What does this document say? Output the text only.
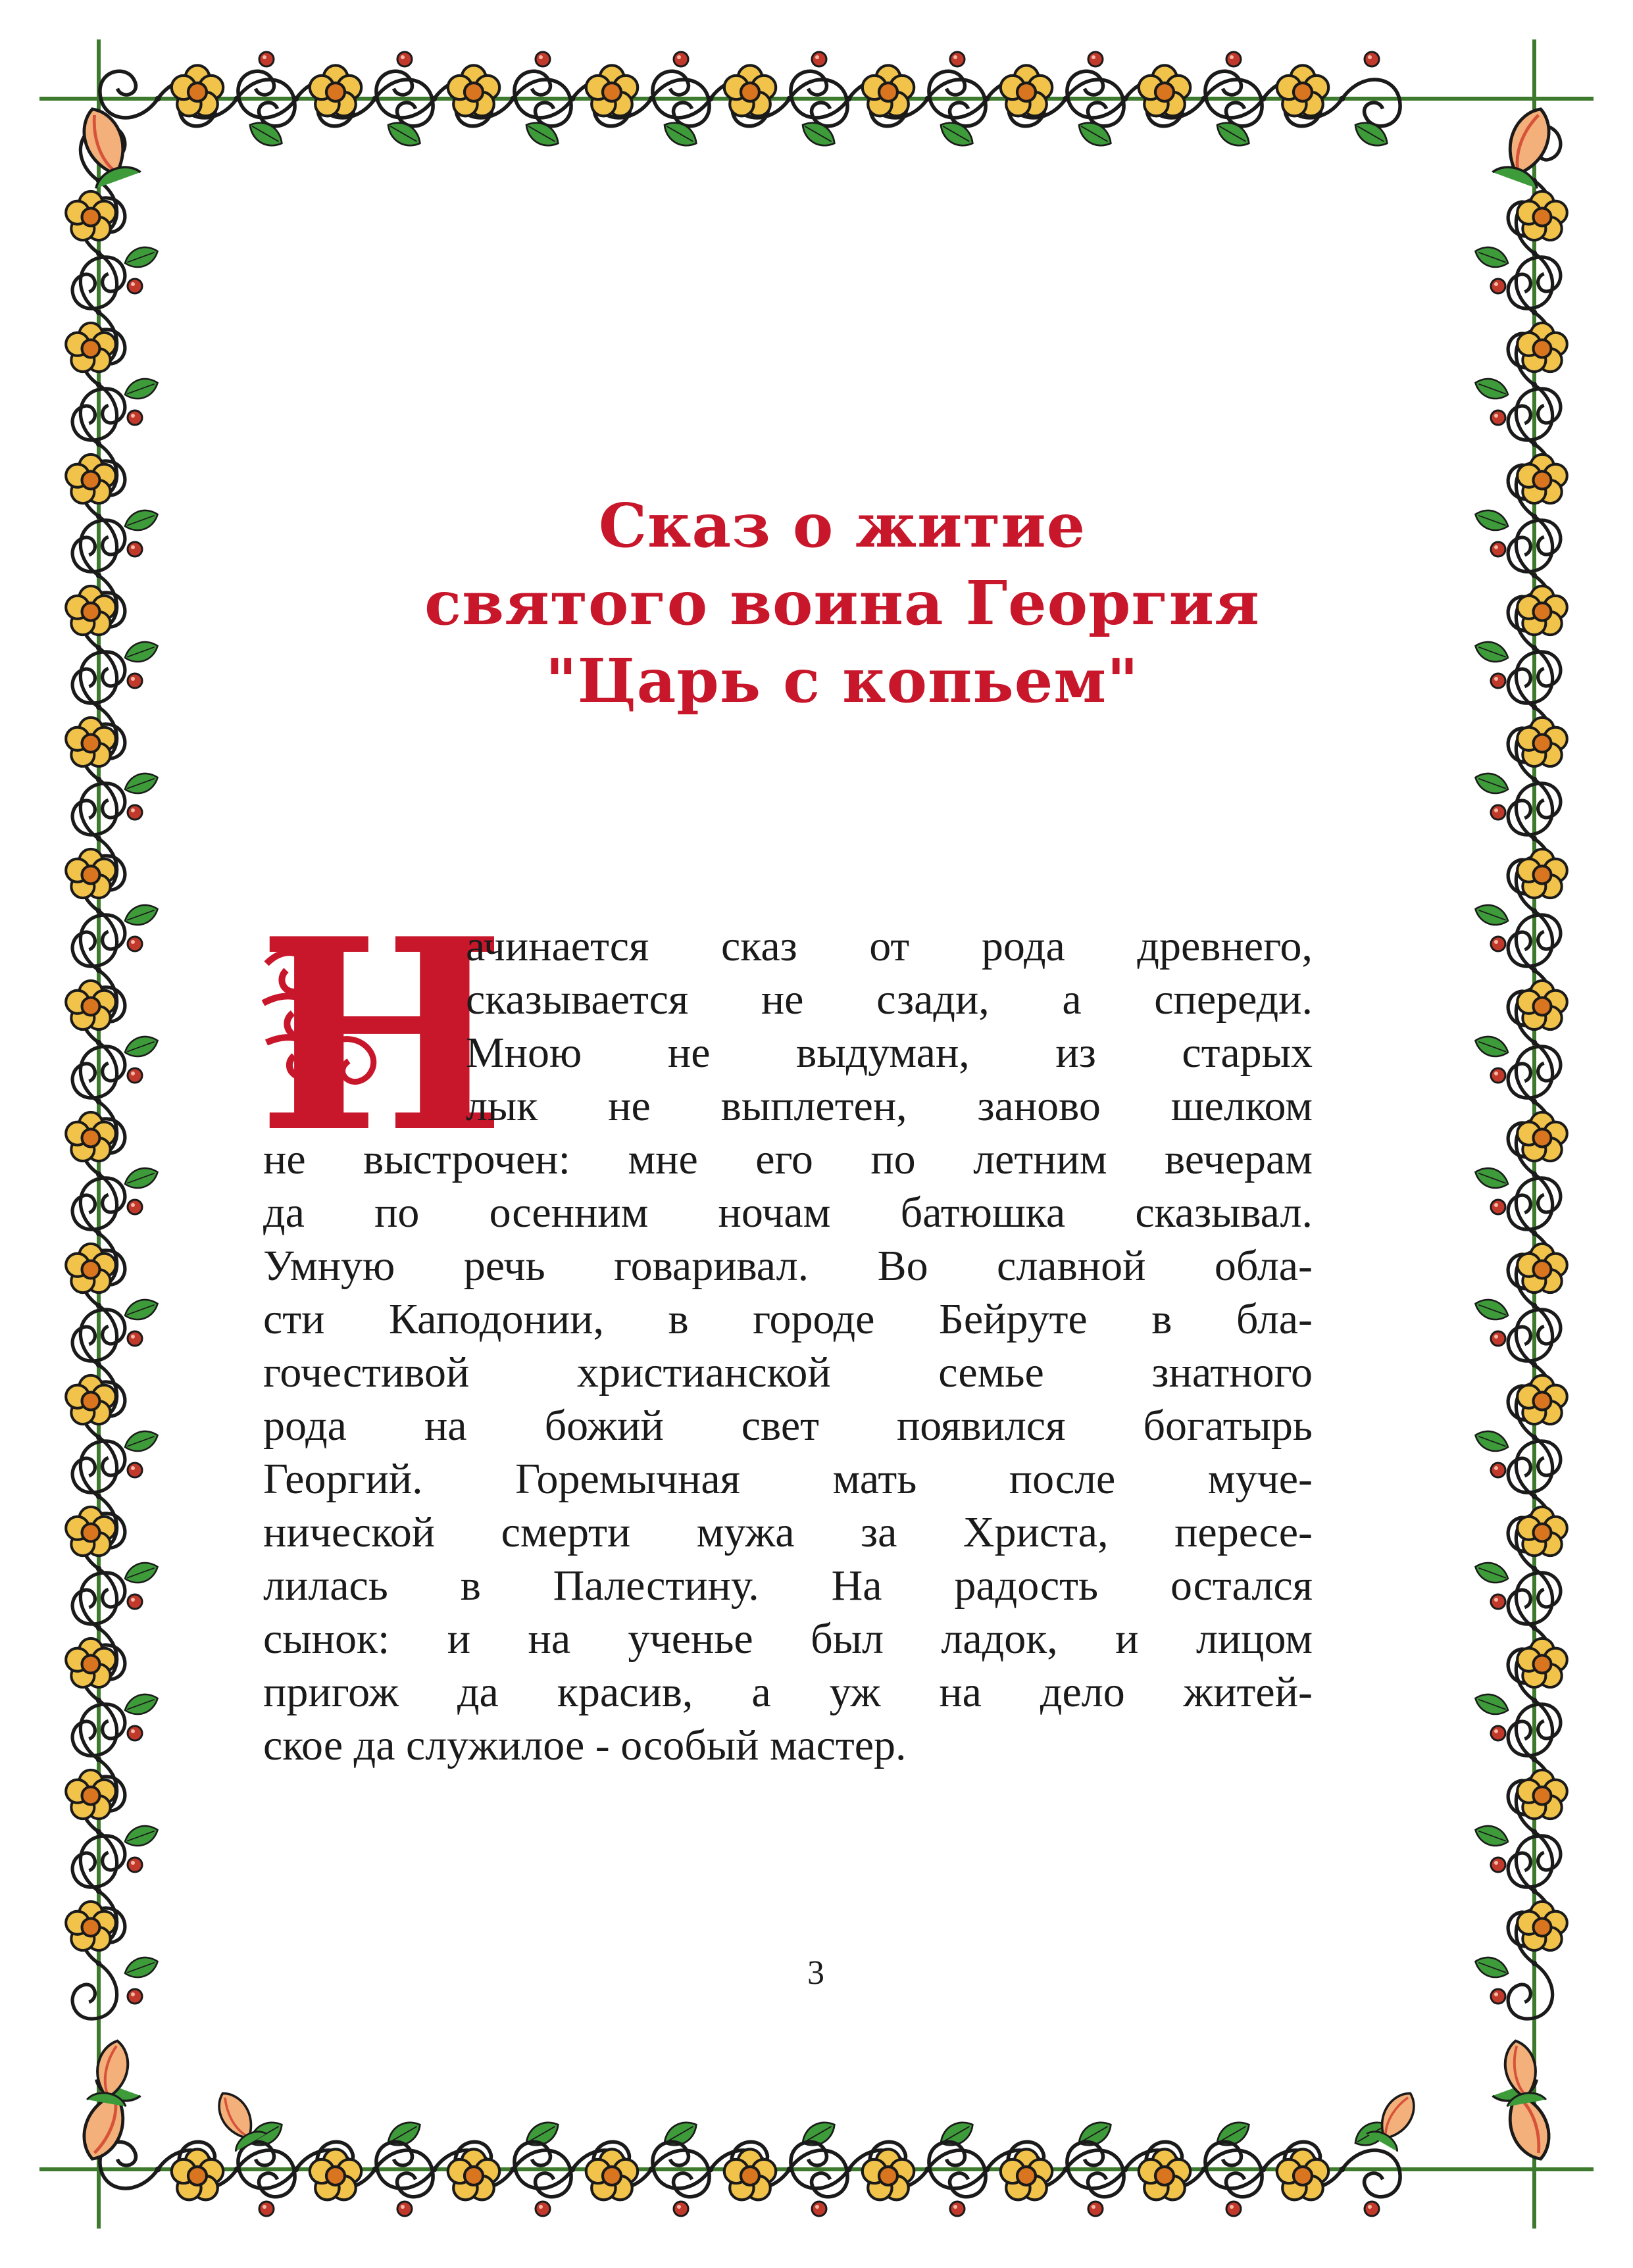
Сказ о житие
святого воина Георгия
"Царь с копьем"
Н
ачинается сказ от рода древнего,
сказывается не сзади, а спереди.
Мною не выдуман, из старых
лык не выплетен, заново шелком
не выстрочен: мне его по летним вечерам
да по осенним ночам батюшка сказывал.
Умную речь говаривал. Во славной обла-
сти Каподонии, в городе Бейруте в бла-
гочестивой христианской семье знатного
рода на божий свет появился богатырь
Георгий. Горемычная мать после муче-
нической смерти мужа за Христа, пересе-
лилась в Палестину. На радость остался
сынок: и на ученье был ладок, и лицом
пригож да красив, а уж на дело житей-
ское да служилое - особый мастер.
3
